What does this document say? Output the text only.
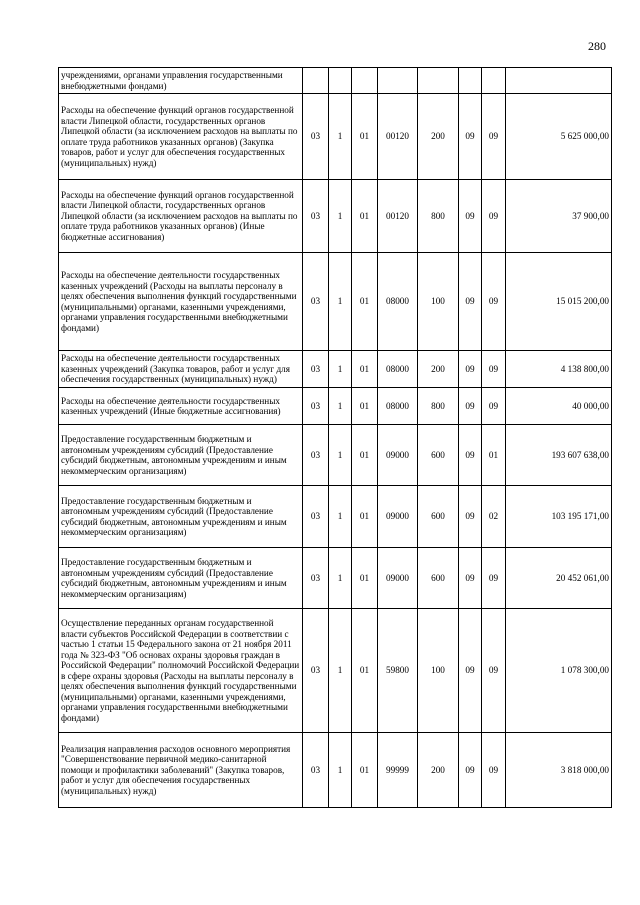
280
учреждениями, органами управления государственными внебюджетными фондами)								
Расходы на обеспечение функций органов государственной власти Липецкой области, государственных органов Липецкой области (за исключением расходов на выплаты по оплате труда работников указанных органов) (Закупка товаров, работ и услуг для обеспечения государственных (муниципальных) нужд)	03	1	01	00120	200	09	09	5 625 000,00
Расходы на обеспечение функций органов государственной власти Липецкой области, государственных органов Липецкой области (за исключением расходов на выплаты по оплате труда работников указанных органов) (Иные бюджетные ассигнования)	03	1	01	00120	800	09	09	37 900,00
Расходы на обеспечение деятельности государственных казенных учреждений (Расходы на выплаты персоналу в целях обеспечения выполнения функций государственными (муниципальными) органами, казенными учреждениями, органами управления государственными внебюджетными фондами)	03	1	01	08000	100	09	09	15 015 200,00
Расходы на обеспечение деятельности государственных казенных учреждений (Закупка товаров, работ и услуг для обеспечения государственных (муниципальных) нужд)	03	1	01	08000	200	09	09	4 138 800,00
Расходы на обеспечение деятельности государственных казенных учреждений (Иные бюджетные ассигнования)	03	1	01	08000	800	09	09	40 000,00
Предоставление государственным бюджетным и автономным учреждениям субсидий (Предоставление субсидий бюджетным, автономным учреждениям и иным некоммерческим организациям)	03	1	01	09000	600	09	01	193 607 638,00
Предоставление государственным бюджетным и автономным учреждениям субсидий (Предоставление субсидий бюджетным, автономным учреждениям и иным некоммерческим организациям)	03	1	01	09000	600	09	02	103 195 171,00
Предоставление государственным бюджетным и автономным учреждениям субсидий (Предоставление субсидий бюджетным, автономным учреждениям и иным некоммерческим организациям)	03	1	01	09000	600	09	09	20 452 061,00
Осуществление переданных органам государственной власти субъектов Российской Федерации в соответствии с частью 1 статьи 15 Федерального закона от 21 ноября 2011 года № 323-ФЗ "Об основах охраны здоровья граждан в Российской Федерации" полномочий Российской Федерации в сфере охраны здоровья (Расходы на выплаты персоналу в целях обеспечения выполнения функций государственными (муниципальными) органами, казенными учреждениями, органами управления государственными внебюджетными фондами)	03	1	01	59800	100	09	09	1 078 300,00
Реализация направления расходов основного мероприятия "Совершенствование первичной медико-санитарной помощи и профилактики заболеваний" (Закупка товаров, работ и услуг для обеспечения государственных (муниципальных) нужд)	03	1	01	99999	200	09	09	3 818 000,00
